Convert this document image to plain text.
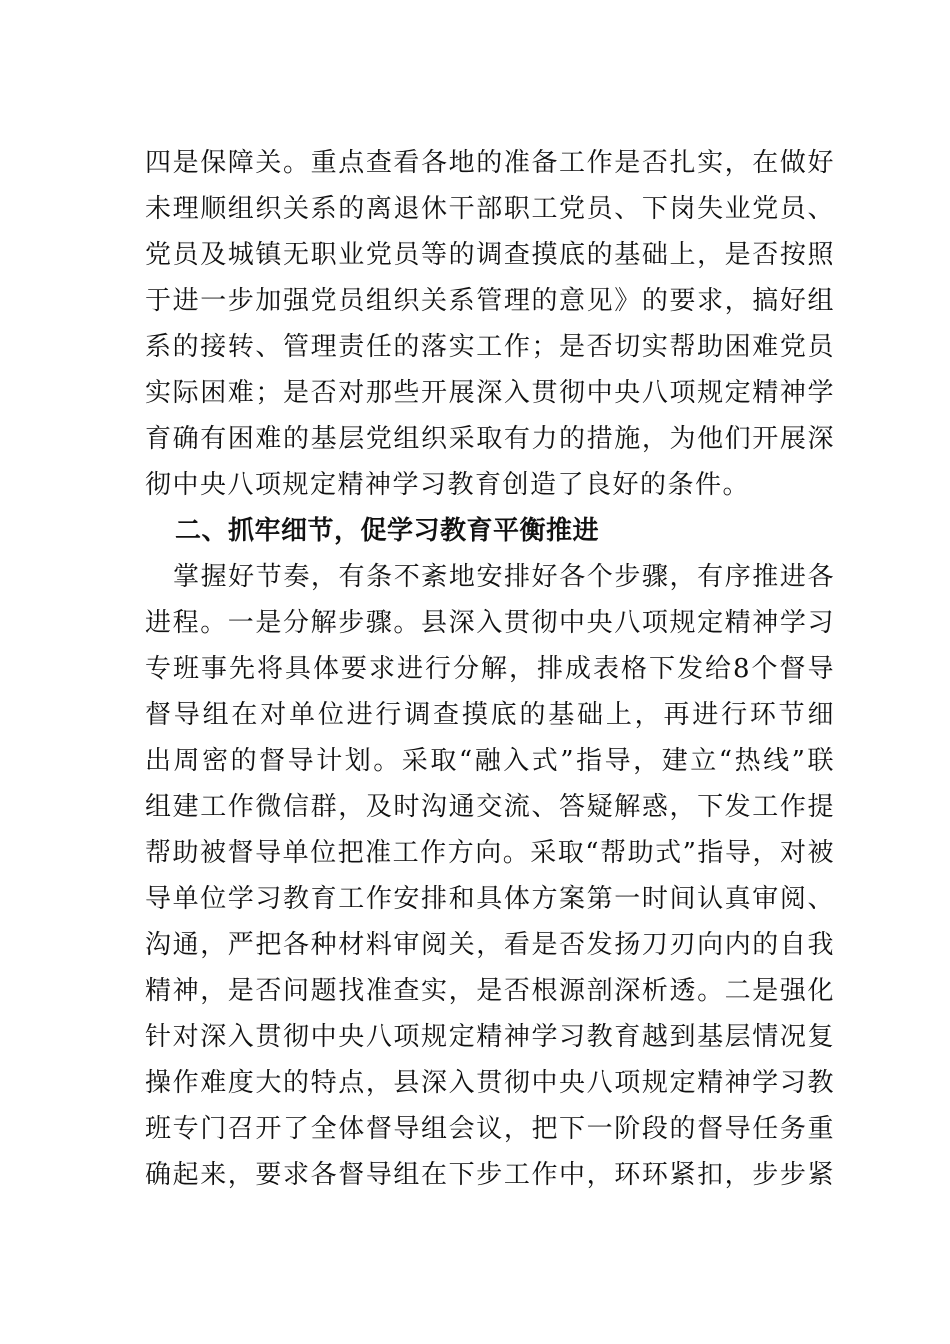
四是保障关。重点查看各地的准备工作是否扎实，在做好
未理顺组织关系的离退休干部职工党员、下岗失业党员、
党员及城镇无职业党员等的调查摸底的基础上，是否按照
于进一步加强党员组织关系管理的意见》的要求，搞好组
系的接转、管理责任的落实工作；是否切实帮助困难党员
实际困难；是否对那些开展深入贯彻中央八项规定精神学
育确有困难的基层党组织采取有力的措施，为他们开展深
彻中央八项规定精神学习教育创造了良好的条件。
二、抓牢细节，促学习教育平衡推进
掌握好节奏，有条不紊地安排好各个步骤，有序推进各
进程。一是分解步骤。县深入贯彻中央八项规定精神学习
专班事先将具体要求进行分解，排成表格下发给8个督导
督导组在对单位进行调查摸底的基础上，再进行环节细
出周密的督导计划。采取“融入式”指导，建立“热线”联
组建工作微信群，及时沟通交流、答疑解惑，下发工作提
帮助被督导单位把准工作方向。采取“帮助式”指导，对被
导单位学习教育工作安排和具体方案第一时间认真审阅、
沟通，严把各种材料审阅关，看是否发扬刀刃向内的自我
精神，是否问题找准查实，是否根源剖深析透。二是强化
针对深入贯彻中央八项规定精神学习教育越到基层情况复
操作难度大的特点，县深入贯彻中央八项规定精神学习教
班专门召开了全体督导组会议，把下一阶段的督导任务重
确起来，要求各督导组在下步工作中，环环紧扣，步步紧
